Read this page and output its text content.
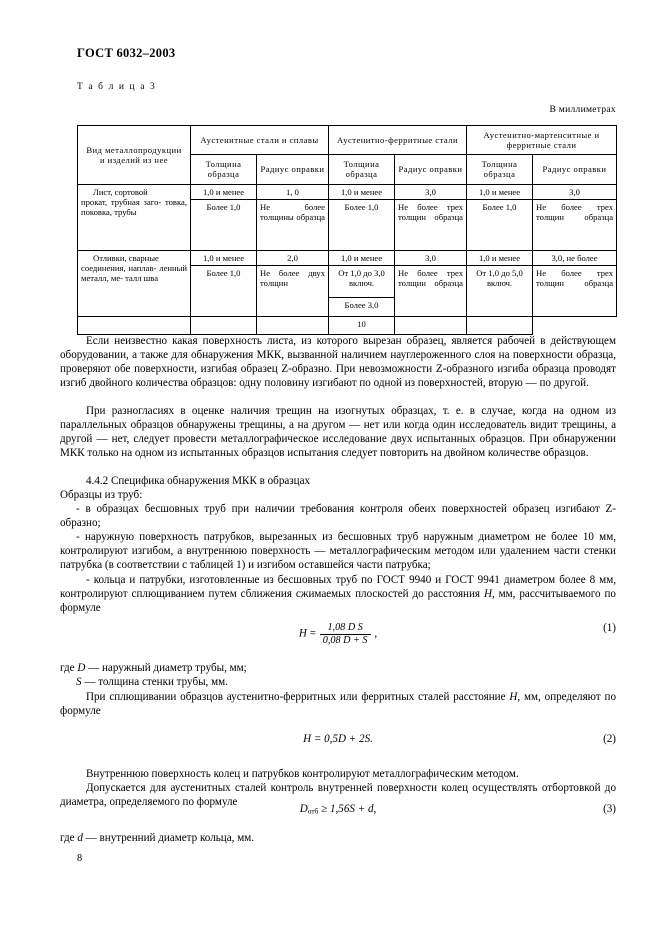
ГОСТ 6032–2003
Т а б л и ц а 3
В миллиметрах
Вид металлопродукции
и изделий из нее	Аустенитные стали и сплавы		Аустенитно-ферритные стали		Аустенитно-мартенситные и ферритные стали	
	Толщина образца	Радиус оправки	Толщина образца	Радиус оправки	Толщина образца	Радиус оправки

Лист, сортовой
прокат, трубная заго- товка, поковка, трубы	1,0 и менее	1, 0	1,0 и менее	3,0	1,0 и менее	3,0
	Более 1,0	Не более толщины образца	Более 1,0	Не более трех толщин образца	Более 1,0	Не более трех толщин образца

Отливки, сварные
соединения, наплав- ленный металл, ме- талл шва	1,0 и менее	2,0	1,0 и менее	3,0	1,0 и менее	3,0, не более
	Более 1,0	Не более двух толщин	От 1,0 до 3,0 включ.	Не более трех толщин образца	От 1,0 до 5,0 включ.	Не более трех толщин образца
			Более 3,0			
			10			

Если неизвестно какая поверхность листа, из которого вырезан образец, является рабочей в действующем оборудовании, а также для обнаружения МКК, вызванной наличием науглероженного слоя на поверхности образца, проверяют обе поверхности, изгибая образец Z-образно. При невозможности Z-образного изгиба образца проводят изгиб двойного количества образцов: одну половину изгибают по одной из поверхностей, вторую — по другой.

При разногласиях в оценке наличия трещин на изогнутых образцах, т. е. в случае, когда на одном из параллельных образцов обнаружены трещины, а на другом — нет или когда один исследователь видит трещины, а другой — нет, следует провести металлографическое исследование двух испытанных образцов. При обнаружении МКК только на одном из испытанных образцов испытания следует повторить на двойном количестве образцов.

4.4.2 Специфика обнаружения МКК в образцах

Образцы из труб:

- в образцах бесшовных труб при наличии требования контроля обеих поверхностей образец изгибают Z-образно;

- наружную поверхность патрубков, вырезанных из бесшовных труб наружным диаметром не более 10 мм, контролируют изгибом, а внутреннюю поверхность — металлографическим методом или удалением части стенки патрубка (в соответствии с таблицей 1) и изгибом оставшейся части патрубка;

- кольца и патрубки, изготовленные из бесшовных труб по ГОСТ 9940 и ГОСТ 9941 диаметром более 8 мм, контролируют сплющиванием путем сближения сжимаемых плоскостей до расстояния H, мм, рассчитываемого по формуле

$H = \frac{\text{1,08 D S}}{0,08 D + S}$ ,	(1)

где D — наружный диаметр трубы, мм;

S — толщина стенки трубы, мм.

При сплющивании образцов аустенитно-ферритных или ферритных сталей расстояние H, мм, определяют по формуле

H = 0,5D + 2S.	(2)

Внутреннюю поверхность колец и патрубков контролируют металлографическим методом.

Допускается для аустенитных сталей контроль внутренней поверхности колец осуществлять отбортовкой до диаметра, определяемого по формуле

$D_{отб} \ge 1,56S + d$,	(3)

где d — внутренний диаметр кольца, мм.

8
